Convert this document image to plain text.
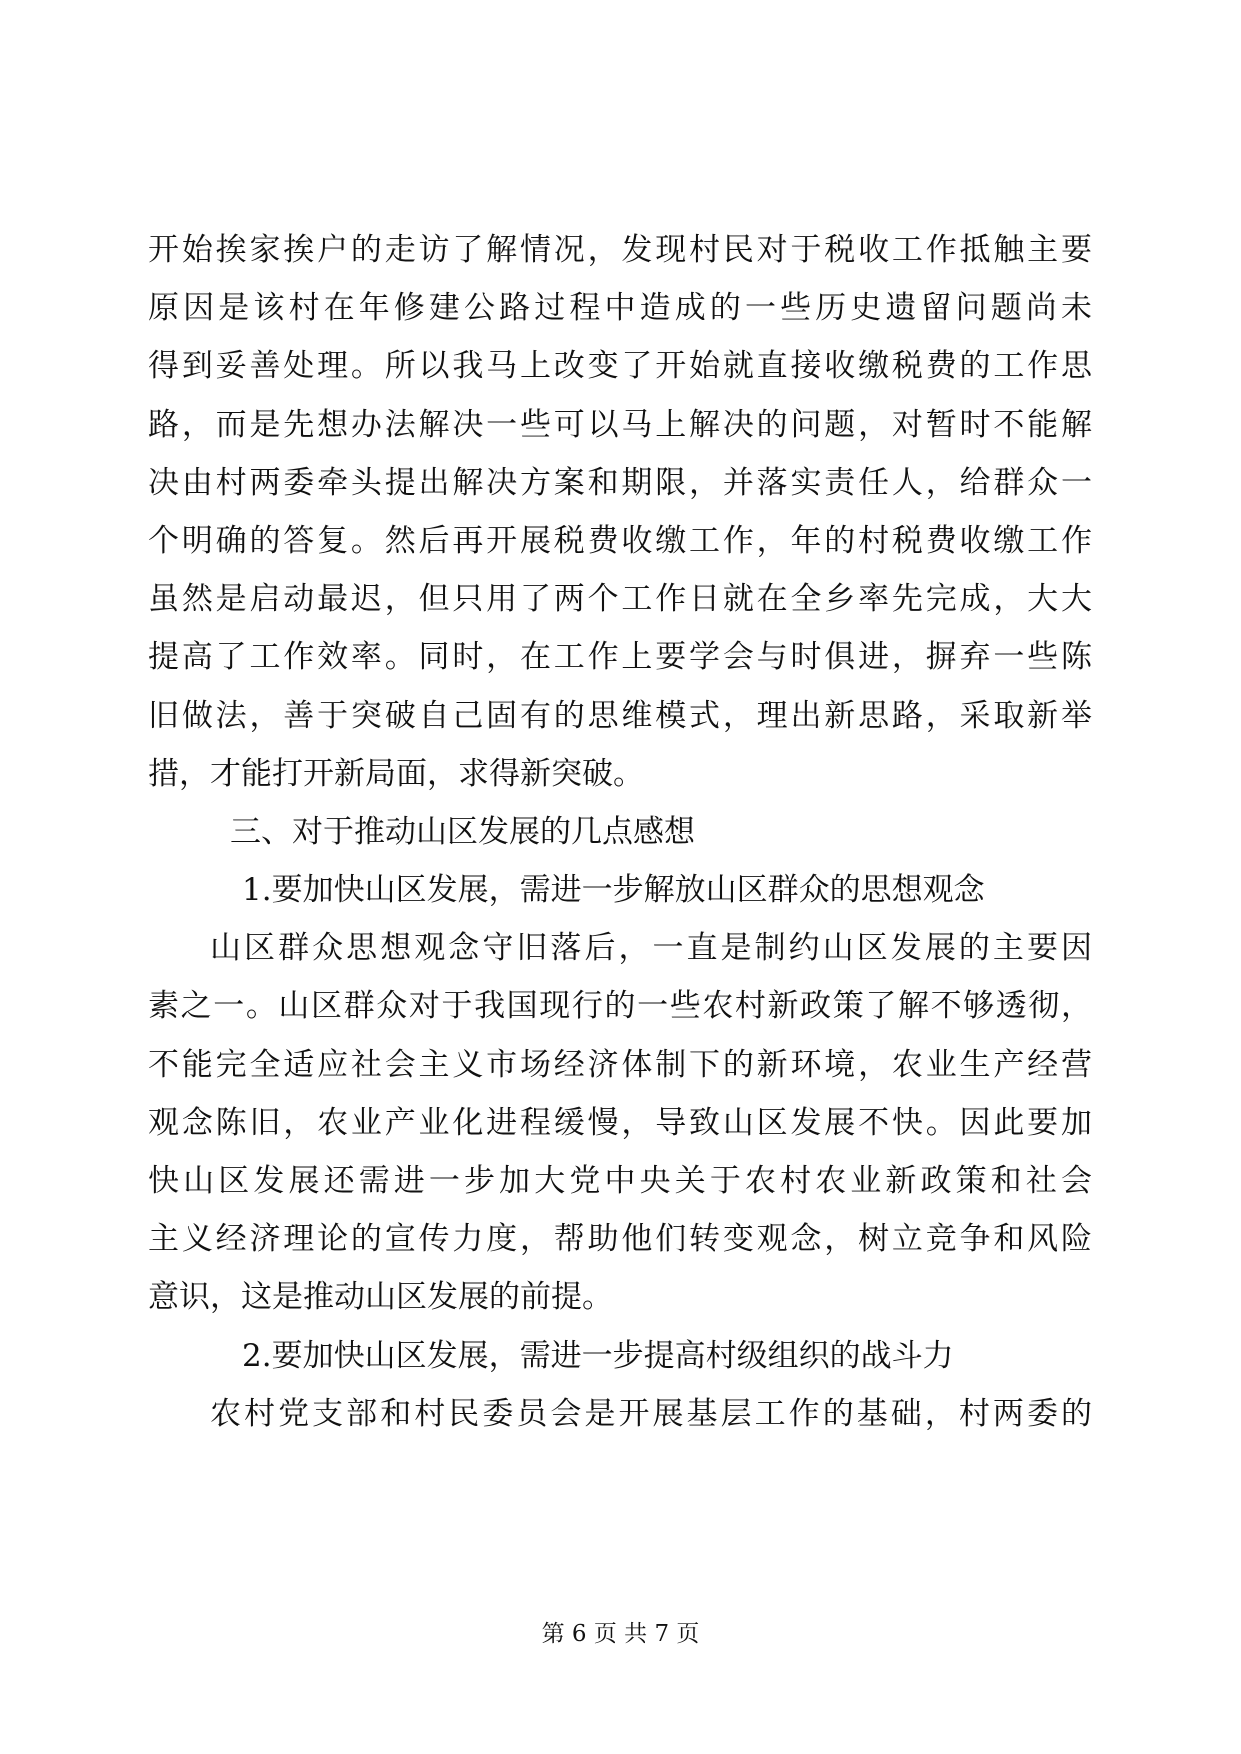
开始挨家挨户的走访了解情况，发现村民对于税收工作抵触主要
原因是该村在年修建公路过程中造成的一些历史遗留问题尚未
得到妥善处理。所以我马上改变了开始就直接收缴税费的工作思
路，而是先想办法解决一些可以马上解决的问题，对暂时不能解
决由村两委牵头提出解决方案和期限，并落实责任人，给群众一
个明确的答复。然后再开展税费收缴工作，年的村税费收缴工作
虽然是启动最迟，但只用了两个工作日就在全乡率先完成，大大
提高了工作效率。同时，在工作上要学会与时俱进，摒弃一些陈
旧做法，善于突破自己固有的思维模式，理出新思路，采取新举
措，才能打开新局面，求得新突破。
三、对于推动山区发展的几点感想
1.要加快山区发展，需进一步解放山区群众的思想观念
山区群众思想观念守旧落后，一直是制约山区发展的主要因
素之一。山区群众对于我国现行的一些农村新政策了解不够透彻，
不能完全适应社会主义市场经济体制下的新环境，农业生产经营
观念陈旧，农业产业化进程缓慢，导致山区发展不快。因此要加
快山区发展还需进一步加大党中央关于农村农业新政策和社会
主义经济理论的宣传力度，帮助他们转变观念，树立竞争和风险
意识，这是推动山区发展的前提。
2.要加快山区发展，需进一步提高村级组织的战斗力
农村党支部和村民委员会是开展基层工作的基础，村两委的
第 6 页 共 7 页
